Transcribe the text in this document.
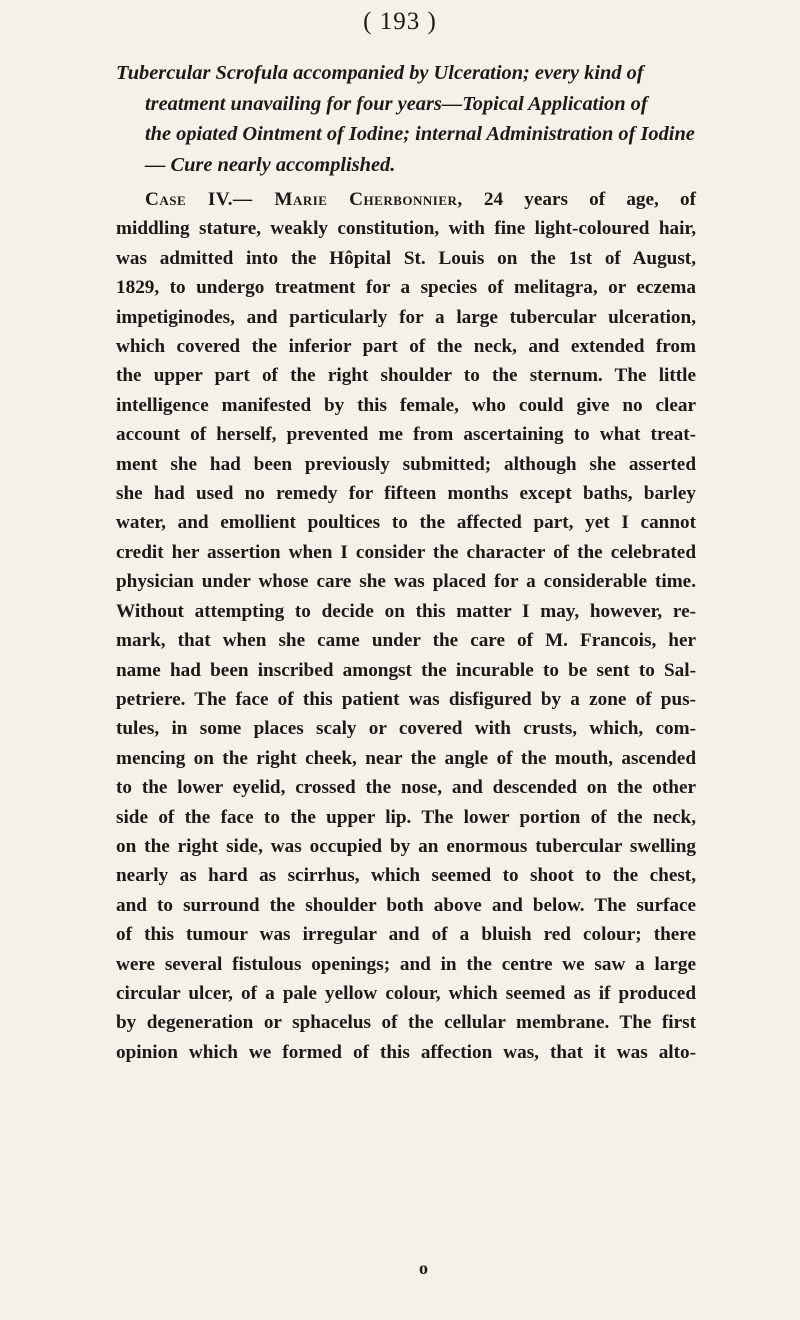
( 193 )
Tubercular Scrofula accompanied by Ulceration; every kind of
treatment unavailing for four years—Topical Application of
the opiated Ointment of Iodine; internal Administration of Iodine
— Cure nearly accomplished.
Case IV.— Marie Cherbonnier, 24 years of age, of
middling stature, weakly constitution, with fine light-coloured hair,
was admitted into the Hôpital St. Louis on the 1st of August,
1829, to undergo treatment for a species of melitagra, or eczema
impetiginodes, and particularly for a large tubercular ulceration,
which covered the inferior part of the neck, and extended from
the upper part of the right shoulder to the sternum. The little
intelligence manifested by this female, who could give no clear
account of herself, prevented me from ascertaining to what treat-
ment she had been previously submitted; although she asserted
she had used no remedy for fifteen months except baths, barley
water, and emollient poultices to the affected part, yet I cannot
credit her assertion when I consider the character of the celebrated
physician under whose care she was placed for a considerable time.
Without attempting to decide on this matter I may, however, re-
mark, that when she came under the care of M. Francois, her
name had been inscribed amongst the incurable to be sent to Sal-
petriere. The face of this patient was disfigured by a zone of pus-
tules, in some places scaly or covered with crusts, which, com-
mencing on the right cheek, near the angle of the mouth, ascended
to the lower eyelid, crossed the nose, and descended on the other
side of the face to the upper lip. The lower portion of the neck,
on the right side, was occupied by an enormous tubercular swelling
nearly as hard as scirrhus, which seemed to shoot to the chest,
and to surround the shoulder both above and below. The surface
of this tumour was irregular and of a bluish red colour; there
were several fistulous openings; and in the centre we saw a large
circular ulcer, of a pale yellow colour, which seemed as if produced
by degeneration or sphacelus of the cellular membrane. The first
opinion which we formed of this affection was, that it was alto-
o
